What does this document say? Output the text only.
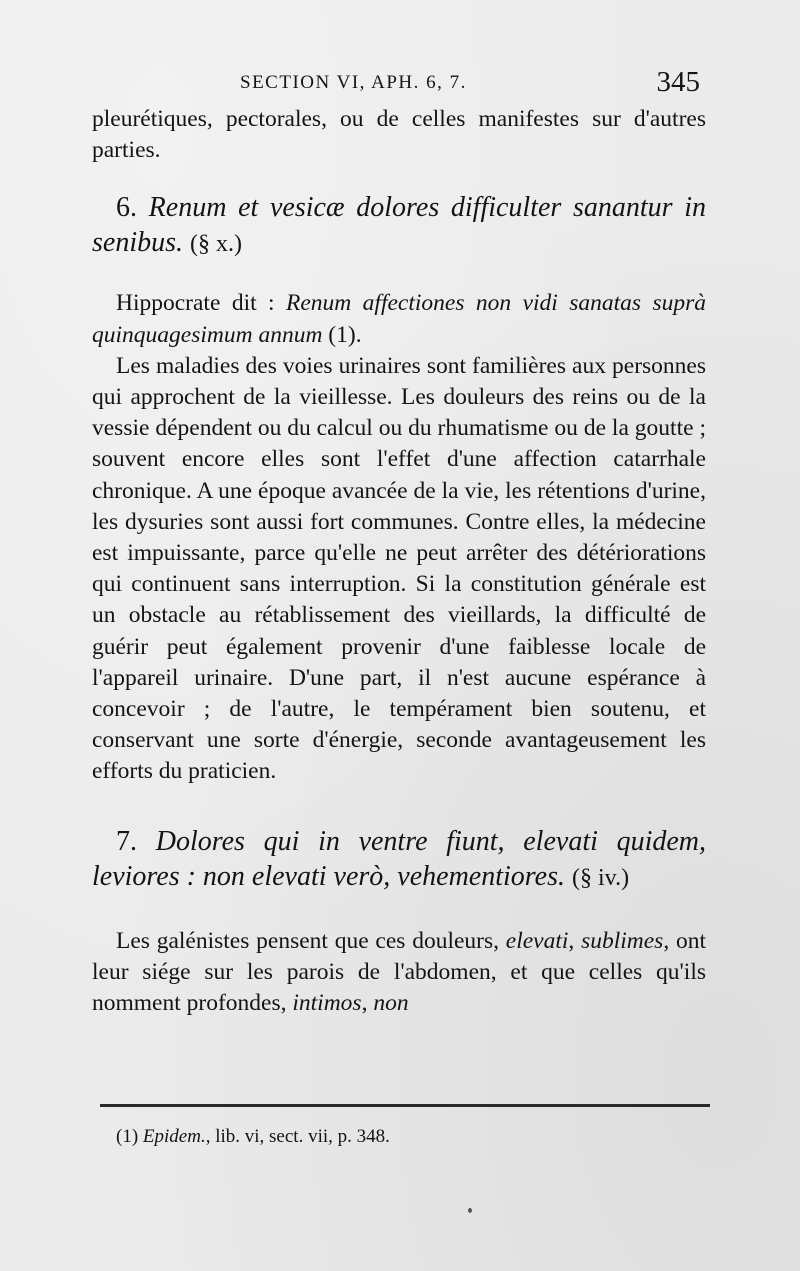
SECTION VI, APH. 6, 7.	345

pleurétiques, pectorales, ou de celles manifestes sur d'autres parties.

6. Renum et vesicæ dolores difficulter sanantur in senibus. (§ x.)

Hippocrate dit : Renum affectiones non vidi sanatas suprà quinquagesimum annum (1).

Les maladies des voies urinaires sont familières aux personnes qui approchent de la vieillesse. Les douleurs des reins ou de la vessie dépendent ou du calcul ou du rhumatisme ou de la goutte ; souvent encore elles sont l'effet d'une affection catarrhale chronique. A une époque avancée de la vie, les rétentions d'urine, les dysuries sont aussi fort communes. Contre elles, la médecine est impuissante, parce qu'elle ne peut arrêter des détériorations qui continuent sans interruption. Si la constitution générale est un obstacle au rétablissement des vieillards, la difficulté de guérir peut également provenir d'une faiblesse locale de l'appareil urinaire. D'une part, il n'est aucune espérance à concevoir ; de l'autre, le tempérament bien soutenu, et conservant une sorte d'énergie, seconde avantageusement les efforts du praticien.

7. Dolores qui in ventre fiunt, elevati quidem, leviores : non elevati verò, vehementiores. (§ iv.)

Les galénistes pensent que ces douleurs, elevati, sublimes, ont leur siége sur les parois de l'abdomen, et que celles qu'ils nomment profondes, intimos, non

(1) Epidem., lib. vi, sect. vii, p. 348.
